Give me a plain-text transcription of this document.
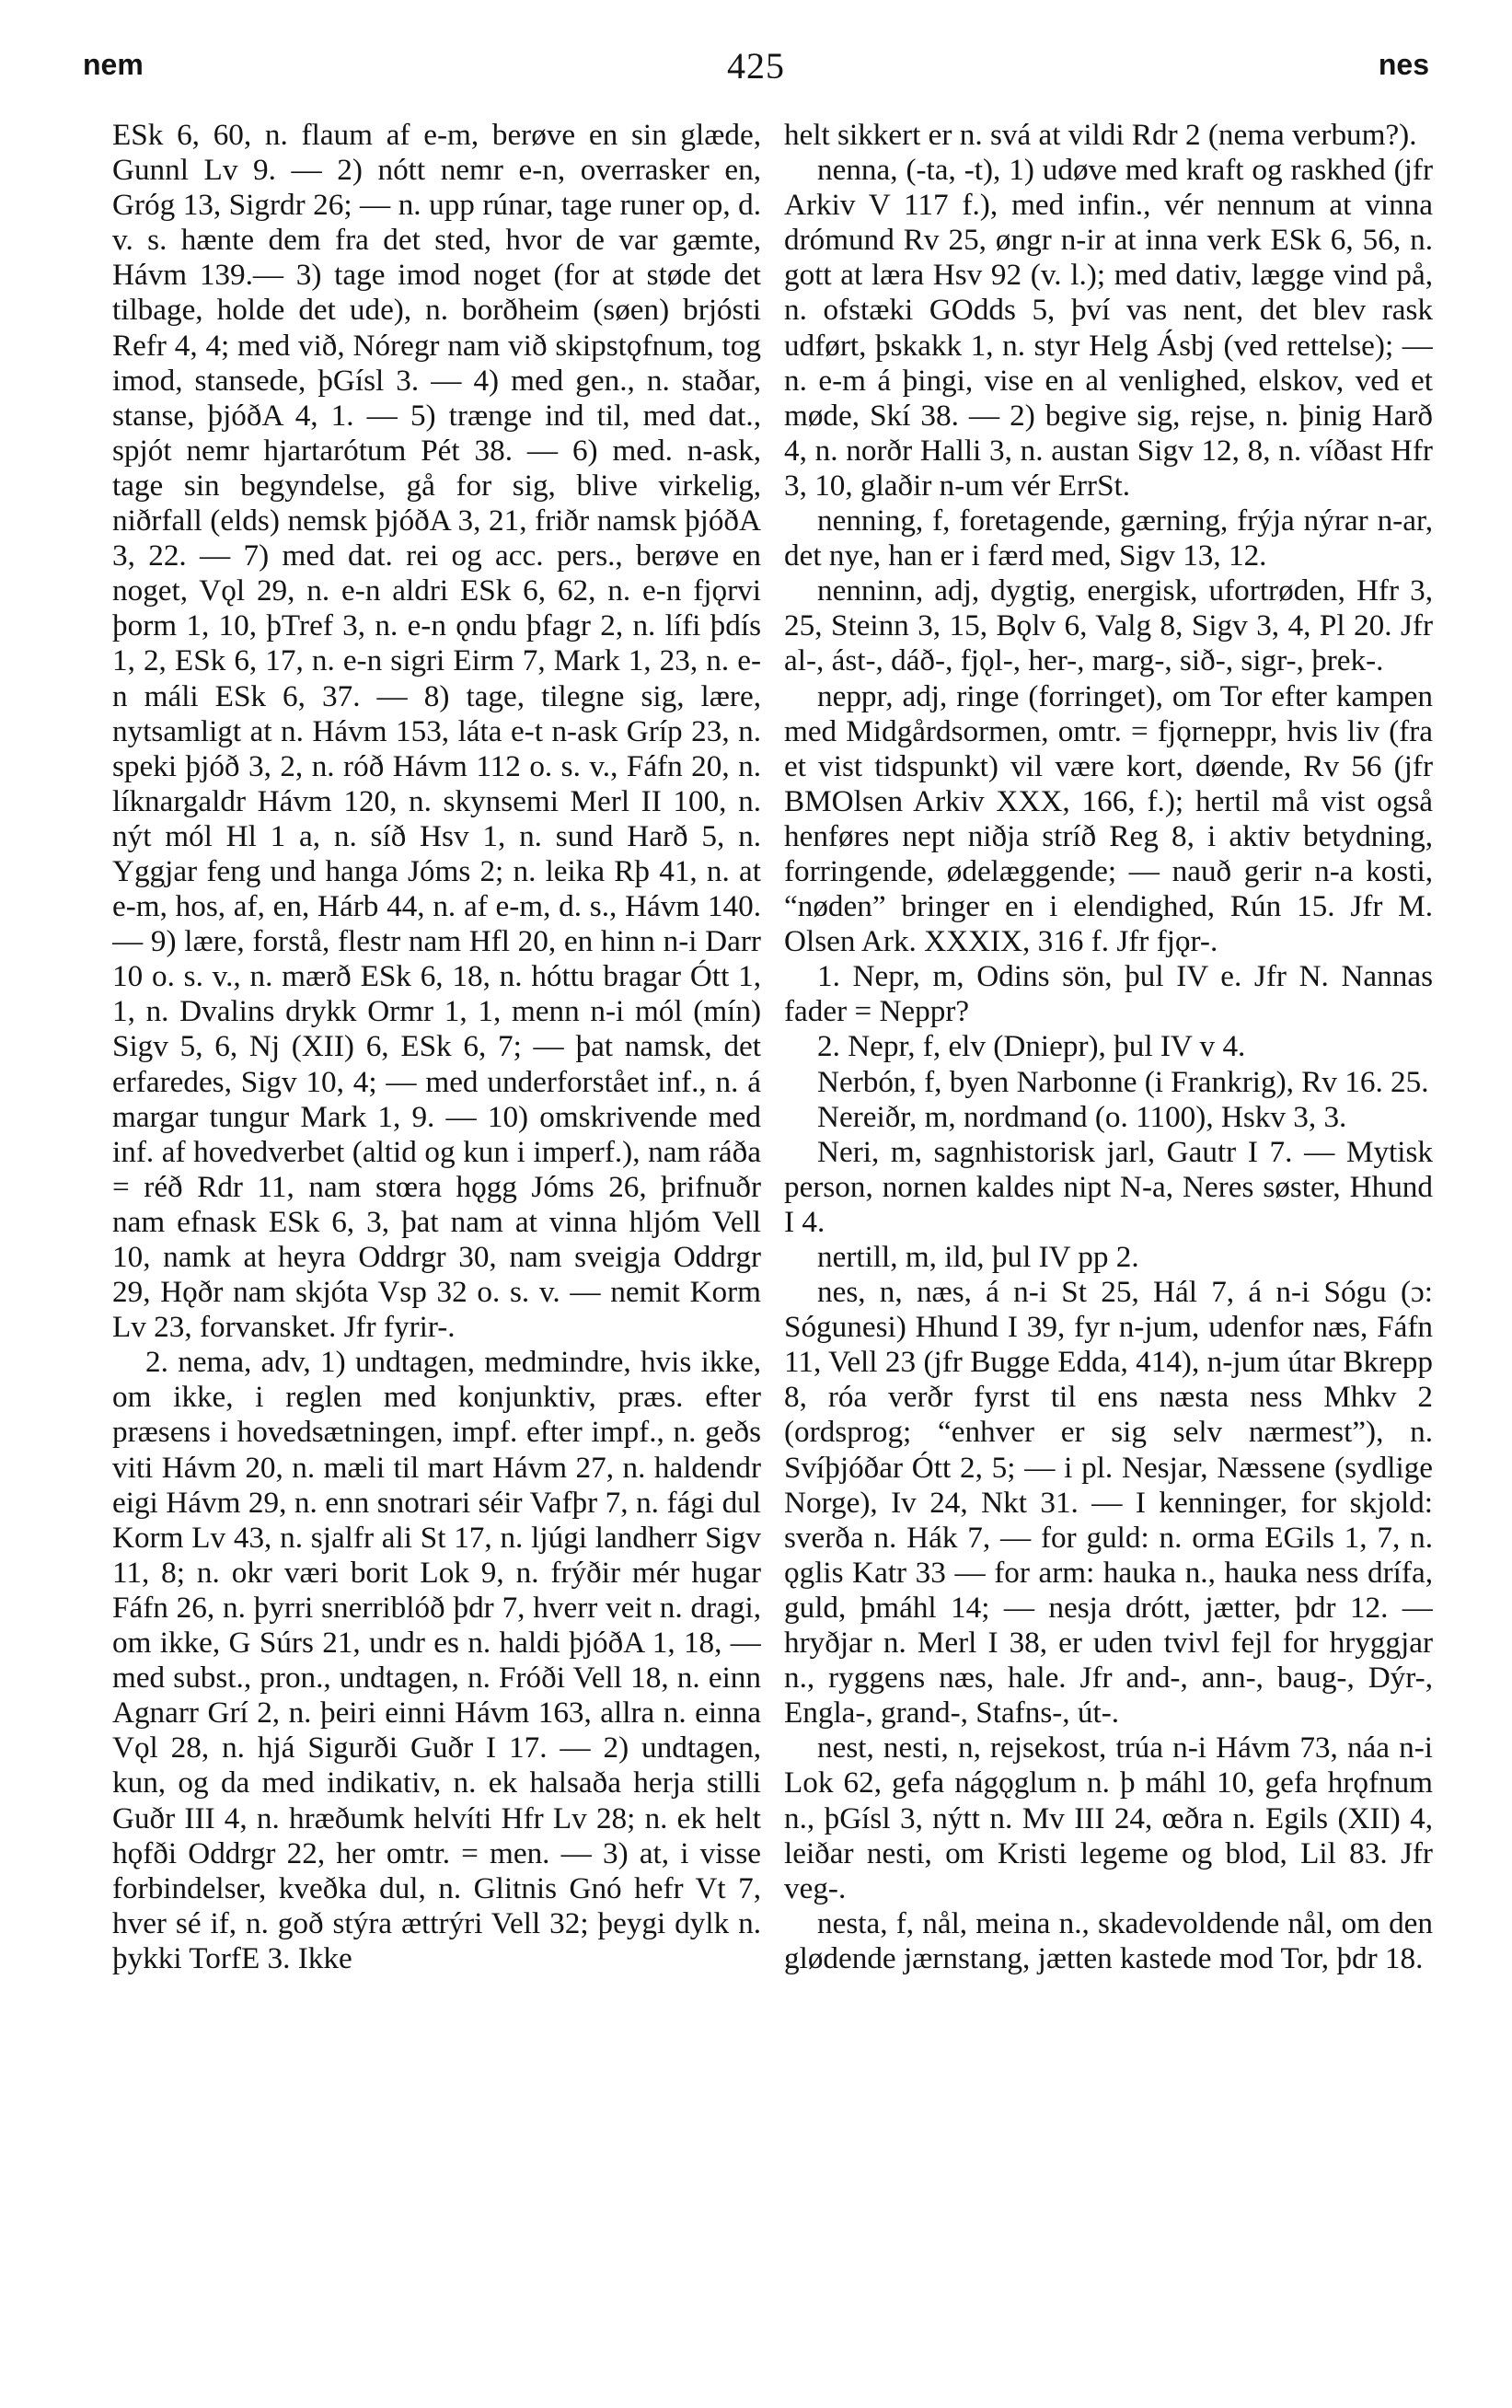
nem	425	nes

ESk 6, 60, n. flaum af e-m, berøve en sin glæde, Gunnl Lv 9. — 2) nótt nemr e-n, overrasker en, Gróg 13, Sigrdr 26; — n. upp rúnar, tage runer op, d. v. s. hænte dem fra det sted, hvor de var gæmte, Hávm 139.— 3) tage imod noget (for at støde det tilbage, holde det ude), n. borðheim (søen) brjósti Refr 4, 4; med við, Nóregr nam við skipstǫfnum, tog imod, stansede, þGísl 3. — 4) med gen., n. staðar, stanse, þjóðA 4, 1. — 5) trænge ind til, med dat., spjót nemr hjartarótum Pét 38. — 6) med. n-ask, tage sin begyndelse, gå for sig, blive virkelig, niðrfall (elds) nemsk þjóðA 3, 21, friðr namsk þjóðA 3, 22. — 7) med dat. rei og acc. pers., berøve en noget, Vǫl 29, n. e-n aldri ESk 6, 62, n. e-n fjǫrvi þorm 1, 10, þTref 3, n. e-n ǫndu þfagr 2, n. lífi þdís 1, 2, ESk 6, 17, n. e-n sigri Eirm 7, Mark 1, 23, n. e-n máli ESk 6, 37. — 8) tage, tilegne sig, lære, nytsamligt at n. Hávm 153, láta e-t n-ask Gríp 23, n. speki þjóð 3, 2, n. róð Hávm 112 o. s. v., Fáfn 20, n. líknargaldr Hávm 120, n. skynsemi Merl II 100, n. nýt mól Hl 1 a, n. síð Hsv 1, n. sund Harð 5, n. Yggjar feng und hanga Jóms 2; n. leika Rþ 41, n. at e-m, hos, af, en, Hárb 44, n. af e-m, d. s., Hávm 140. — 9) lære, forstå, flestr nam Hfl 20, en hinn n-i Darr 10 o. s. v., n. mærð ESk 6, 18, n. hóttu bragar Ótt 1, 1, n. Dvalins drykk Ormr 1, 1, menn n-i mól (mín) Sigv 5, 6, Nj (XII) 6, ESk 6, 7; — þat namsk, det erfaredes, Sigv 10, 4; — med underforstået inf., n. á margar tungur Mark 1, 9. — 10) omskrivende med inf. af hovedverbet (altid og kun i imperf.), nam ráða = réð Rdr 11, nam stœra hǫgg Jóms 26, þrifnuðr nam efnask ESk 6, 3, þat nam at vinna hljóm Vell 10, namk at heyra Oddrgr 30, nam sveigja Oddrgr 29, Hǫðr nam skjóta Vsp 32 o. s. v. — nemit Korm Lv 23, forvansket. Jfr fyrir-.

2. nema, adv, 1) undtagen, medmindre, hvis ikke, om ikke, i reglen med konjunktiv, præs. efter præsens i hovedsætningen, impf. efter impf., n. geðs viti Hávm 20, n. mæli til mart Hávm 27, n. haldendr eigi Hávm 29, n. enn snotrari séir Vafþr 7, n. fági dul Korm Lv 43, n. sjalfr ali St 17, n. ljúgi landherr Sigv 11, 8; n. okr væri borit Lok 9, n. frýðir mér hugar Fáfn 26, n. þyrri snerriblóð þdr 7, hverr veit n. dragi, om ikke, G Súrs 21, undr es n. haldi þjóðA 1, 18, — med subst., pron., undtagen, n. Fróði Vell 18, n. einn Agnarr Grí 2, n. þeiri einni Hávm 163, allra n. einna Vǫl 28, n. hjá Sigurði Guðr I 17. — 2) undtagen, kun, og da med indikativ, n. ek halsaða herja stilli Guðr III 4, n. hræðumk helvíti Hfr Lv 28; n. ek helt hǫfði Oddrgr 22, her omtr. = men. — 3) at, i visse forbindelser, kveðka dul, n. Glitnis Gnó hefr Vt 7, hver sé if, n. goð stýra ættrýri Vell 32; þeygi dylk n. þykki TorfE 3. Ikke

helt sikkert er n. svá at vildi Rdr 2 (nema verbum?).

nenna, (-ta, -t), 1) udøve med kraft og raskhed (jfr Arkiv V 117 f.), med infin., vér nennum at vinna drómund Rv 25, øngr n-ir at inna verk ESk 6, 56, n. gott at læra Hsv 92 (v. l.); med dativ, lægge vind på, n. ofstæki GOdds 5, því vas nent, det blev rask udført, þskakk 1, n. styr Helg Ásbj (ved rettelse); — n. e-m á þingi, vise en al venlighed, elskov, ved et møde, Skí 38. — 2) begive sig, rejse, n. þinig Harð 4, n. norðr Halli 3, n. austan Sigv 12, 8, n. víðast Hfr 3, 10, glaðir n-um vér ErrSt.

nenning, f, foretagende, gærning, frýja nýrar n-ar, det nye, han er i færd med, Sigv 13, 12.

nenninn, adj, dygtig, energisk, ufortrøden, Hfr 3, 25, Steinn 3, 15, Bǫlv 6, Valg 8, Sigv 3, 4, Pl 20. Jfr al-, ást-, dáð-, fjǫl-, her-, marg-, sið-, sigr-, þrek-.

neppr, adj, ringe (forringet), om Tor efter kampen med Midgårdsormen, omtr. = fjǫrneppr, hvis liv (fra et vist tidspunkt) vil være kort, døende, Rv 56 (jfr BMOlsen Arkiv XXX, 166, f.); hertil må vist også henføres nept niðja stríð Reg 8, i aktiv betydning, forringende, ødelæggende; — nauð gerir n-a kosti, “nøden” bringer en i elendighed, Rún 15. Jfr M. Olsen Ark. XXXIX, 316 f. Jfr fjǫr-.

1. Nepr, m, Odins sön, þul IV e. Jfr N. Nannas fader = Neppr?

2. Nepr, f, elv (Dniepr), þul IV v 4.

Nerbón, f, byen Narbonne (i Frankrig), Rv 16. 25.

Nereiðr, m, nordmand (o. 1100), Hskv 3, 3.

Neri, m, sagnhistorisk jarl, Gautr I 7. — Mytisk person, nornen kaldes nipt N-a, Neres søster, Hhund I 4.

nertill, m, ild, þul IV pp 2.

nes, n, næs, á n-i St 25, Hál 7, á n-i Sógu (ɔ: Sógunesi) Hhund I 39, fyr n-jum, udenfor næs, Fáfn 11, Vell 23 (jfr Bugge Edda, 414), n-jum útar Bkrepp 8, róa verðr fyrst til ens næsta ness Mhkv 2 (ordsprog; “enhver er sig selv nærmest”), n. Svíþjóðar Ótt 2, 5; — i pl. Nesjar, Næssene (sydlige Norge), Iv 24, Nkt 31. — I kenninger, for skjold: sverða n. Hák 7, — for guld: n. orma EGils 1, 7, n. ǫglis Katr 33 — for arm: hauka n., hauka ness drífa, guld, þmáhl 14; — nesja drótt, jætter, þdr 12. — hryðjar n. Merl I 38, er uden tvivl fejl for hryggjar n., ryggens næs, hale. Jfr and-, ann-, baug-, Dýr-, Engla-, grand-, Stafns-, út-.

nest, nesti, n, rejsekost, trúa n-i Hávm 73, náa n-i Lok 62, gefa nágǫglum n. þ máhl 10, gefa hrǫfnum n., þGísl 3, nýtt n. Mv III 24, œðra n. Egils (XII) 4, leiðar nesti, om Kristi legeme og blod, Lil 83. Jfr veg-.

nesta, f, nål, meina n., skadevoldende nål, om den glødende jærnstang, jætten kastede mod Tor, þdr 18.
